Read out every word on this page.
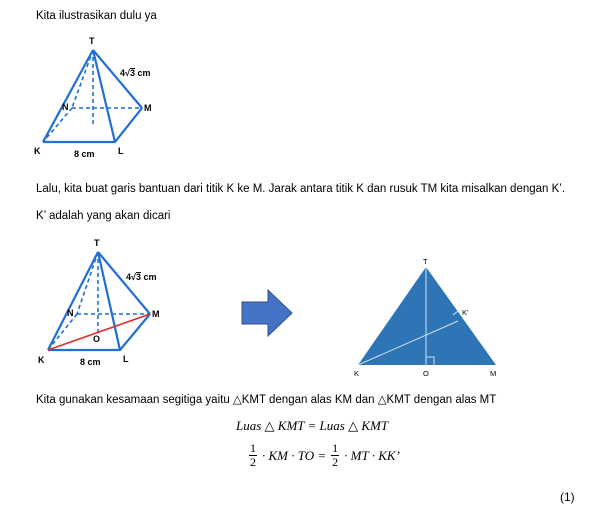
Kita ilustrasikan dulu ya
T
K	L
M
N
4√3 cm
8 cm
Lalu, kita buat garis bantuan dari titik K ke M. Jarak antara titik K dan rusuk TM kita misalkan dengan K’.
K’ adalah yang akan dicari
T
K	L
M
N
O
4√3 cm
8 cm
T
K’
K	O	M
Kita gunakan kesamaan segitiga yaitu △KMT dengan alas KM dan △KMT dengan alas MT
Luas △ KMT = Luas △ KMT
$\frac{1}{2}$ · KM · TO = $\frac{1}{2}$ · MT · KK’
(1)
